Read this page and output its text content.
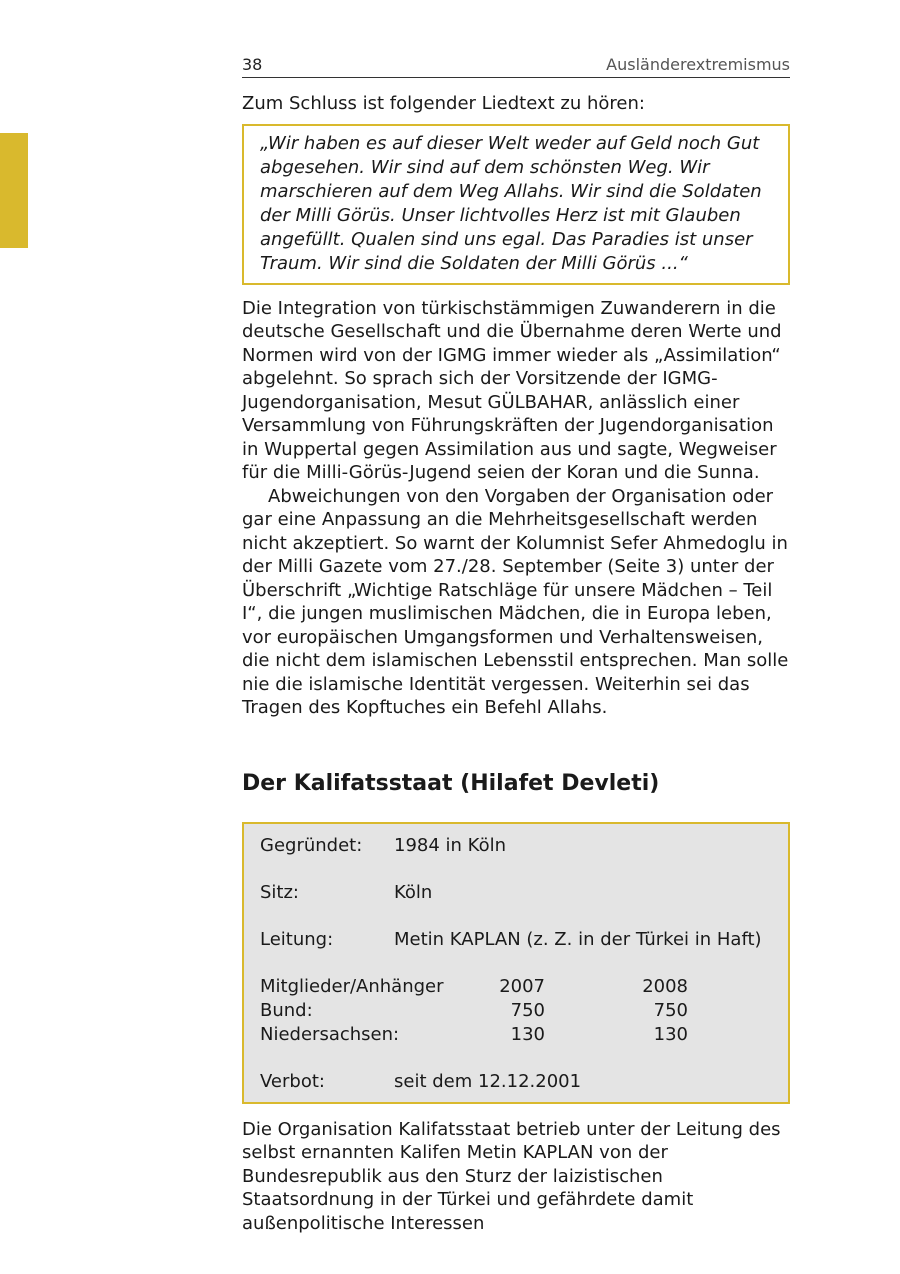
38	Ausländerextremismus

Zum Schluss ist folgender Liedtext zu hören:

„Wir haben es auf dieser Welt weder auf Geld noch Gut abgesehen. Wir sind auf dem schönsten Weg. Wir marschieren auf dem Weg Allahs. Wir sind die Soldaten der Milli Görüs. Unser lichtvolles Herz ist mit Glauben angefüllt. Qualen sind uns egal. Das Paradies ist unser Traum. Wir sind die Soldaten der Milli Görüs ...“

Die Integration von türkischstämmigen Zuwanderern in die deutsche Gesellschaft und die Übernahme deren Werte und Normen wird von der IGMG immer wieder als „Assimilation“ abgelehnt. So sprach sich der Vorsitzende der IGMG-Jugendorganisation, Mesut GÜLBAHAR, anlässlich einer Versammlung von Führungskräften der Jugendorganisation in Wuppertal gegen Assimilation aus und sagte, Wegweiser für die Milli-Görüs-Jugend seien der Koran und die Sunna.

Abweichungen von den Vorgaben der Organisation oder gar eine Anpassung an die Mehrheitsgesellschaft werden nicht akzeptiert. So warnt der Kolumnist Sefer Ahmedoglu in der Milli Gazete vom 27./28. September (Seite 3) unter der Überschrift „Wichtige Ratschläge für unsere Mädchen – Teil I“, die jungen muslimischen Mädchen, die in Europa leben, vor europäischen Umgangsformen und Verhaltensweisen, die nicht dem islamischen Lebensstil entsprechen. Man solle nie die islamische Identität vergessen. Weiterhin sei das Tragen des Kopftuches ein Befehl Allahs.

Der Kalifatsstaat (Hilafet Devleti)
Gegründet:	1984 in Köln
Sitz:	Köln
Leitung:	Metin KAPLAN (z. Z. in der Türkei in Haft)
Mitglieder/Anhänger	2007	2008
Bund:	750	750
Niedersachsen:	130	130
Verbot:	seit dem 12.12.2001

Die Organisation Kalifatsstaat betrieb unter der Leitung des selbst ernannten Kalifen Metin KAPLAN von der Bundesrepublik aus den Sturz der laizistischen Staatsordnung in der Türkei und gefährdete damit außenpolitische Interessen
